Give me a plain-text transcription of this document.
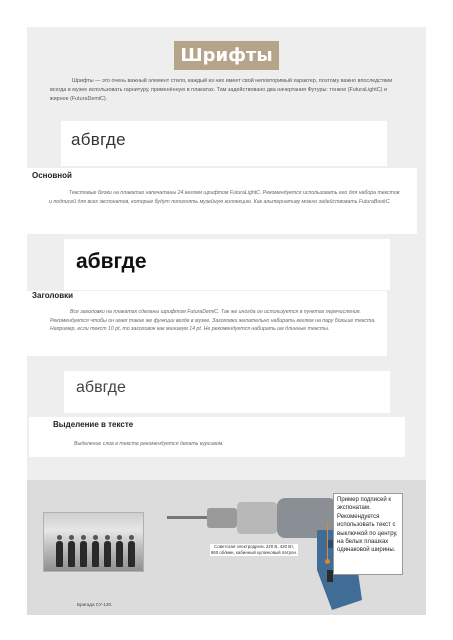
Шрифты
Шрифты — это очень важный элемент стиля, каждый из них имеет свой неповторимый характер, поэтому важно впоследствии всегда в музее использовать гарнитуру, применённую в плакатах. Там задействовано два начертания Футуры: тонкое (FuturaLightC) и жирное (FuturaDemiC).
абвгде
Основной
Текстовые блоки на плакатах напечатаны 24 кеглем шрифтом FuturaLightC. Рекомендуется использовать его для набора текстов и подписей для всех экспонатов, которые будут пополнять музейную коллекцию. Как альтернативу можно задействовать FuturaBookC.
абвгде
Заголовки
Все заголовки на плакатах сделаны шрифтом FuturaDemiC. Так же иногда он используется в пунктах перечисления. Рекомендуется чтобы он имел такие же функции везде в музее. Заголовки желательно набирать кеглем на пару больше текста. Например, если текст 10 pt, то заголовок как минимум 14 pt. Не рекомендуется набирать им длинные тексты.
абвгде
Выделение в тексте
Выделение слов в тексте рекомендуется делать курсивом.
Бригада СУ-120.
Советская электродрель 220 В, 420 Вт, 960 об/мин, кабинный кулачковый патрон.
Пример подписей к экспонатам. Рекомендуется использовать текст с выключкой по центру, на белых плашках одинаковой ширины.
